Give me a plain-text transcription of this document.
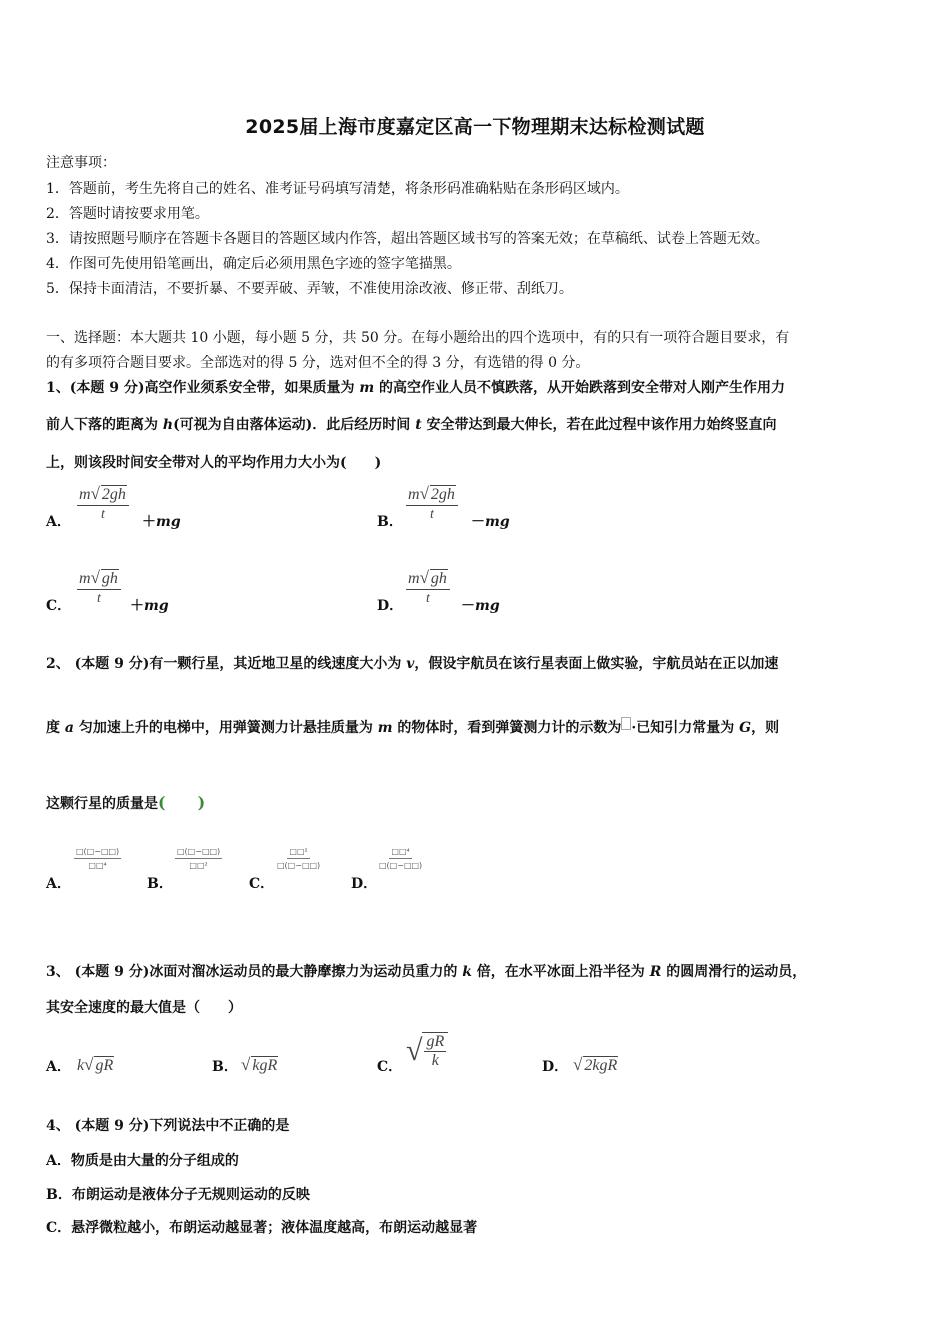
2025届上海市度嘉定区高一下物理期末达标检测试题
注意事项：
1．答题前，考生先将自己的姓名、准考证号码填写清楚，将条形码准确粘贴在条形码区域内。
2．答题时请按要求用笔。
3．请按照题号顺序在答题卡各题目的答题区域内作答，超出答题区域书写的答案无效；在草稿纸、试卷上答题无效。
4．作图可先使用铅笔画出，确定后必须用黑色字迹的签字笔描黑。
5．保持卡面清洁，不要折暴、不要弄破、弄皱，不准使用涂改液、修正带、刮纸刀。
一、选择题：本大题共 10 小题，每小题 5 分，共 50 分。在每小题给出的四个选项中，有的只有一项符合题目要求，有
的有多项符合题目要求。全部选对的得 5 分，选对但不全的得 3 分，有选错的得 0 分。
1、(本题 9 分)高空作业须系安全带，如果质量为 m 的高空作业人员不慎跌落，从开始跌落到安全带对人刚产生作用力
前人下落的距离为 h(可视为自由落体运动)．此后经历时间 t 安全带达到最大伸长，若在此过程中该作用力始终竖直向
上，则该段时间安全带对人的平均作用力大小为(　　)
A． $\frac{m√ 2gh}{t} +mg$	B． $\frac{m√ 2gh}{t} -mg$
C． $\frac{m√ gh}{t} +mg$	D． $\frac{m√ gh}{t} -mg$
2、 (本题 9 分)有一颗行星，其近地卫星的线速度大小为 v，假设宇航员在该行星表面上做实验，宇航员站在正以加速
度 a 匀加速上升的电梯中，用弹簧测力计悬挂质量为 m 的物体时，看到弹簧测力计的示数为 ·已知引力常量为 G，则
这颗行星的质量是(　　)
A．
□(□−□□)
□□⁴
B．
□(□−□□)
□□²
C．
□□²
□(□−□□)
D．
□□⁴
□(□−□□)
3、 (本题 9 分)冰面对溜冰运动员的最大静摩擦力为运动员重力的 k 倍，在水平冰面上沿半径为 R 的圆周滑行的运动员，
其安全速度的最大值是（　　）
A． k√ gR	B． √ kgR	C． √ gR
k	D． √ 2kgR
4、 (本题 9 分)下列说法中不正确的是
A．物质是由大量的分子组成的
B．布朗运动是液体分子无规则运动的反映
C．悬浮微粒越小，布朗运动越显著；液体温度越高，布朗运动越显著
